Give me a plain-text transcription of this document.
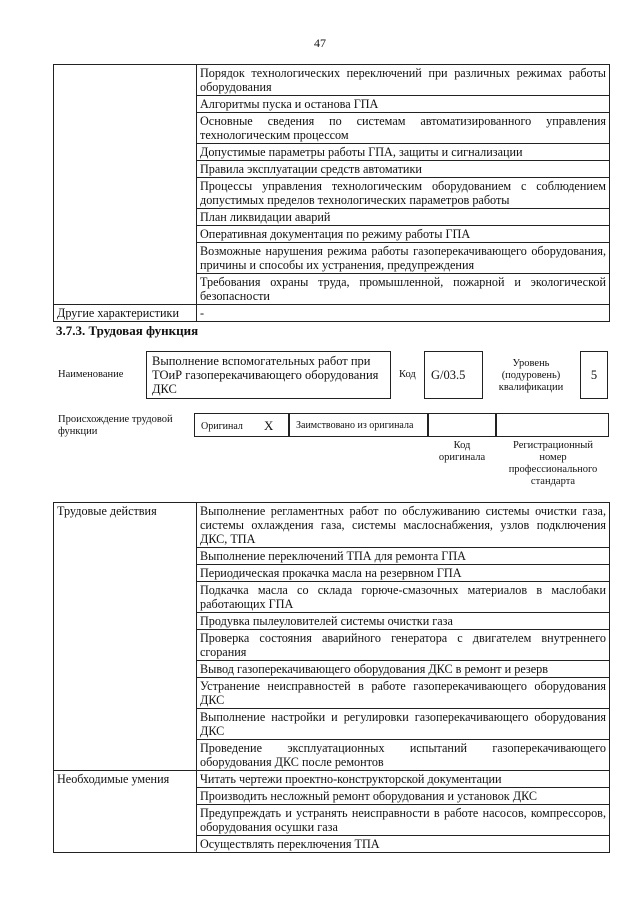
47
	Порядок технологических переключений при различных режимах работы оборудования
	Алгоритмы пуска и останова ГПА
	Основные сведения по системам автоматизированного управления технологическим процессом
	Допустимые параметры работы ГПА, защиты и сигнализации
	Правила эксплуатации средств автоматики
	Процессы управления технологическим оборудованием с соблюдением допустимых пределов технологических параметров работы
	План ликвидации аварий
	Оперативная документация по режиму работы ГПА
	Возможные нарушения режима работы газоперекачивающего оборудования, причины и способы их устранения, предупреждения
	Требования охраны труда, промышленной, пожарной и экологической безопасности
Другие характеристики	-
3.7.3. Трудовая функция
Наименование
Выполнение вспомогательных работ при ТОиР газоперекачивающего оборудования ДКС
Код	G/03.5
Уровень (подуровень) квалификации
5
Происхождение трудовой функции	Оригинал X	Заимствовано из оригинала
Код оригинала
Регистрационный номер профессионального стандарта
Трудовые действия	Выполнение регламентных работ по обслуживанию системы очистки газа, системы охлаждения газа, системы маслоснабжения, узлов подключения ДКС, ТПА
	Выполнение переключений ТПА для ремонта ГПА
	Периодическая прокачка масла на резервном ГПА
	Подкачка масла со склада горюче-смазочных материалов в маслобаки работающих ГПА
	Продувка пылеуловителей системы очистки газа
	Проверка состояния аварийного генератора с двигателем внутреннего сгорания
	Вывод газоперекачивающего оборудования ДКС в ремонт и резерв
	Устранение неисправностей в работе газоперекачивающего оборудования ДКС
	Выполнение настройки и регулировки газоперекачивающего оборудования ДКС
	Проведение эксплуатационных испытаний газоперекачивающего оборудования ДКС после ремонтов
Необходимые умения	Читать чертежи проектно-конструкторской документации
	Производить несложный ремонт оборудования и установок ДКС
	Предупреждать и устранять неисправности в работе насосов, компрессоров, оборудования осушки газа
	Осуществлять переключения ТПА
